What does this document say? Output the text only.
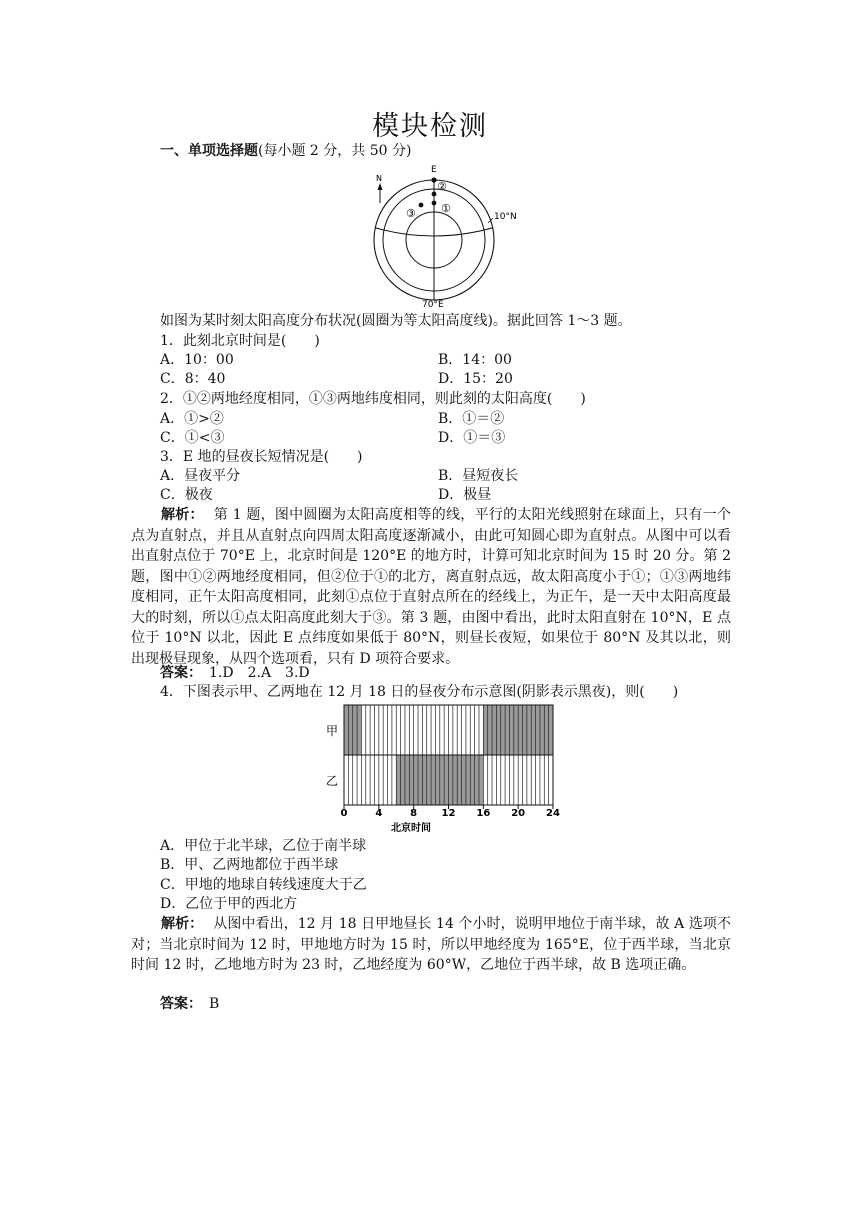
模块检测
一、单项选择题(每小题 2 分，共 50 分)
N
E
10°N
70°E
②
①
③
如图为某时刻太阳高度分布状况(圆圈为等太阳高度线)。据此回答 1～3 题。
1．此刻北京时间是(　　)
A．10：00	B．14：00
C．8：40	D．15：20
2．①②两地经度相同，①③两地纬度相同，则此刻的太阳高度(　　)
A．①>②	B．①＝②
C．①<③	D．①＝③
3．E 地的昼夜长短情况是(　　)
A．昼夜平分	B．昼短夜长
C．极夜	D．极昼
解析： 第 1 题，图中圆圈为太阳高度相等的线，平行的太阳光线照射在球面上，只有一个点为直射点，并且从直射点向四周太阳高度逐渐减小，由此可知圆心即为直射点。从图中可以看出直射点位于 70°E 上，北京时间是 120°E 的地方时，计算可知北京时间为 15 时 20 分。第 2 题，图中①②两地经度相同，但②位于①的北方，离直射点远，故太阳高度小于①；①③两地纬度相同，正午太阳高度相同，此刻①点位于直射点所在的经线上，为正午，是一天中太阳高度最大的时刻，所以①点太阳高度此刻大于③。第 3 题，由图中看出，此时太阳直射在 10°N，E 点位于 10°N 以北，因此 E 点纬度如果低于 80°N，则昼长夜短，如果位于 80°N 及其以北，则出现极昼现象，从四个选项看，只有 D 项符合要求。
答案：　 1.D　2.A　3.D
4．下图表示甲、乙两地在 12 月 18 日的昼夜分布示意图(阴影表示黑夜)，则(　　)
甲
乙
0	4	8 12 16 20 24
北京时间
A．甲位于北半球，乙位于南半球
B．甲、乙两地都位于西半球
C．甲地的地球自转线速度大于乙
D．乙位于甲的西北方
解析： 从图中看出，12 月 18 日甲地昼长 14 个小时，说明甲地位于南半球，故 A 选项不对；当北京时间为 12 时，甲地地方时为 15 时，所以甲地经度为 165°E，位于西半球，当北京时间 12 时，乙地地方时为 23 时，乙地经度为 60°W，乙地位于西半球，故 B 选项正确。
答案：　 B
